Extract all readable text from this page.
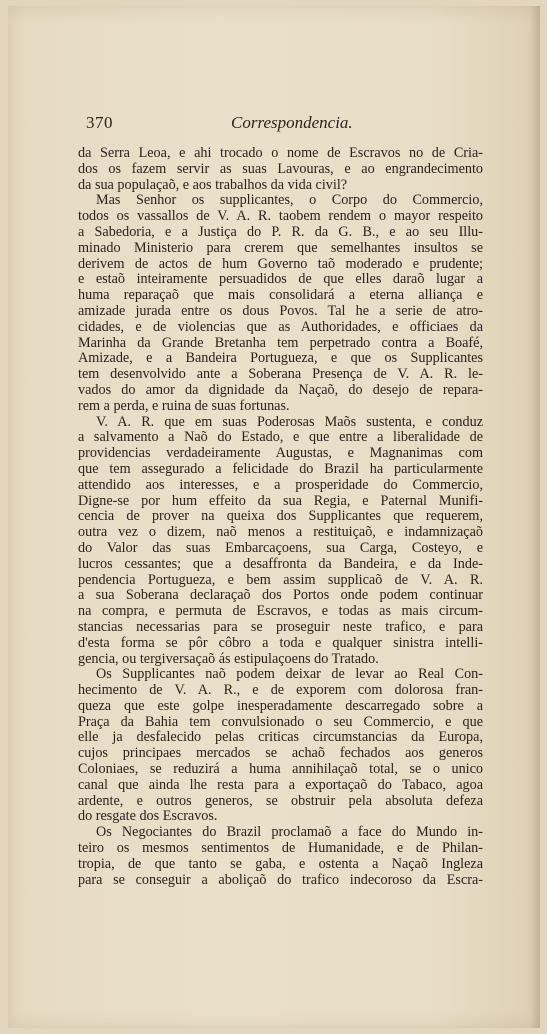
370	Correspondencia.
da Serra Leoa, e ahi trocado o nome de Escravos no de Cria-
dos os fazem servir as suas Lavouras, e ao engrandecimento
da sua populaçaõ, e aos trabalhos da vida civil?
Mas Senhor os supplicantes, o Corpo do Commercio,
todos os vassallos de V. A. R. taobem rendem o mayor respeito
a Sabedoria, e a Justiça do P. R. da G. B., e ao seu Illu-
minado Ministerio para crerem que semelhantes insultos se
derivem de actos de hum Governo taõ moderado e prudente;
e estaõ inteiramente persuadidos de que elles daraõ lugar a
huma reparaçaõ que mais consolidará a eterna alliança e
amizade jurada entre os dous Povos. Tal he a serie de atro-
cidades, e de violencias que as Authoridades, e officiaes da
Marinha da Grande Bretanha tem perpetrado contra a Boafé,
Amizade, e a Bandeira Portugueza, e que os Supplicantes
tem desenvolvido ante a Soberana Presença de V. A. R. le-
vados do amor da dignidade da Naçaõ, do desejo de repara-
rem a perda, e ruina de suas fortunas.
V. A. R. que em suas Poderosas Maõs sustenta, e conduz
a salvamento a Naõ do Estado, e que entre a liberalidade de
providencias verdadeiramente Augustas, e Magnanimas com
que tem assegurado a felicidade do Brazil ha particularmente
attendido aos interesses, e a prosperidade do Commercio,
Digne-se por hum effeito da sua Regia, e Paternal Munifi-
cencia de prover na queixa dos Supplicantes que requerem,
outra vez o dizem, naõ menos a restituiçaõ, e indamnizaçaõ
do Valor das suas Embarcaçoens, sua Carga, Costeyo, e
lucros cessantes; que a desaffronta da Bandeira, e da Inde-
pendencia Portugueza, e bem assim supplicaõ de V. A. R.
a sua Soberana declaraçaõ dos Portos onde podem continuar
na compra, e permuta de Escravos, e todas as mais circum-
stancias necessarias para se proseguir neste trafico, e para
d'esta forma se pôr côbro a toda e qualquer sinistra intelli-
gencia, ou tergiversaçaõ ás estipulaçoens do Tratado.
Os Supplicantes naõ podem deixar de levar ao Real Con-
hecimento de V. A. R., e de exporem com dolorosa fran-
queza que este golpe inesperadamente descarregado sobre a
Praça da Bahia tem convulsionado o seu Commercio, e que
elle ja desfalecido pelas criticas circumstancias da Europa,
cujos principaes mercados se achaõ fechados aos generos
Coloniaes, se reduzirá a huma annihilaçaõ total, se o unico
canal que ainda lhe resta para a exportaçaõ do Tabaco, agoa
ardente, e outros generos, se obstruir pela absoluta defeza
do resgate dos Escravos.
Os Negociantes do Brazil proclamaõ a face do Mundo in-
teiro os mesmos sentimentos de Humanidade, e de Philan-
tropia, de que tanto se gaba, e ostenta a Naçaõ Ingleza
para se conseguir a aboliçaõ do trafico indecoroso da Escra-
